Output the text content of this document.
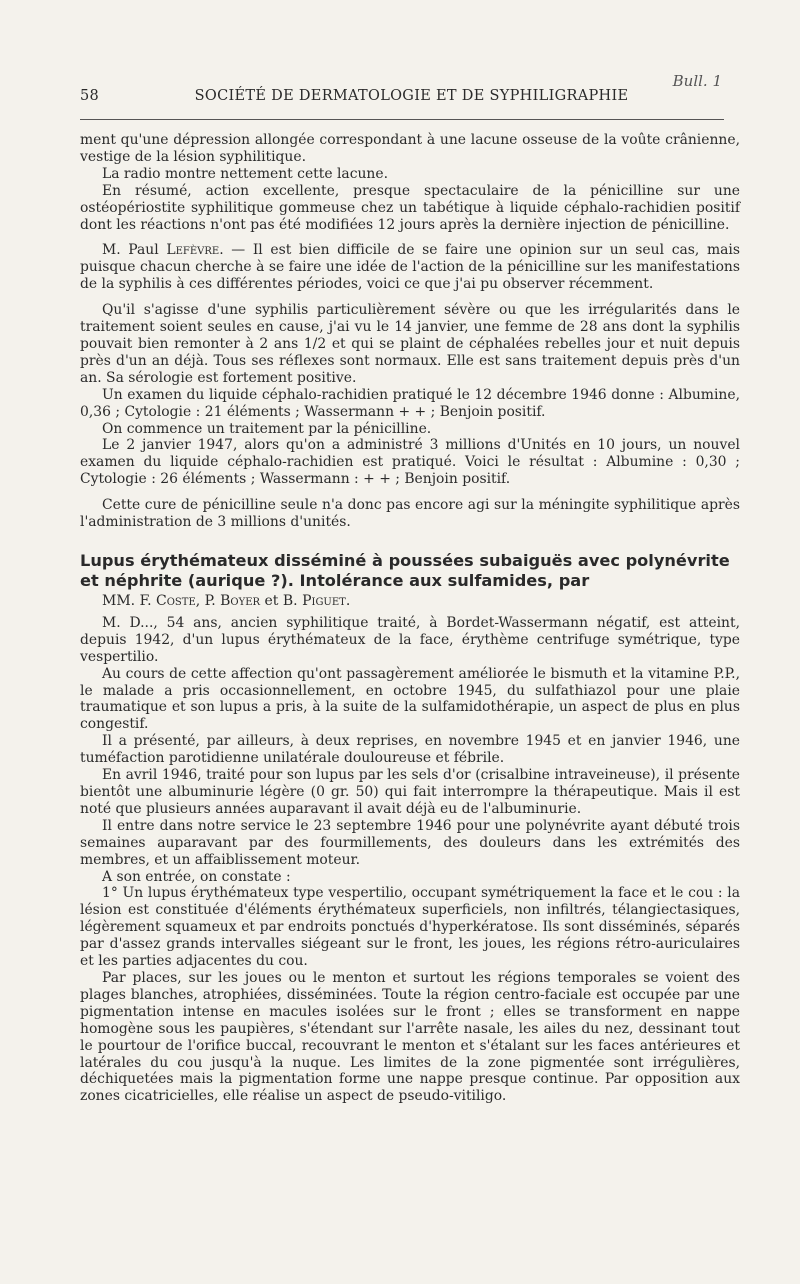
Bull. 1
58	SOCIÉTÉ DE DERMATOLOGIE ET DE SYPHILIGRAPHIE

ment qu'une dépression allongée correspondant à une lacune osseuse de la voûte crânienne, vestige de la lésion syphilitique.

La radio montre nettement cette lacune.

En résumé, action excellente, presque spectaculaire de la pénicilline sur une ostéopériostite syphilitique gommeuse chez un tabétique à liquide céphalo-rachidien positif dont les réactions n'ont pas été modifiées 12 jours après la dernière injection de pénicilline.

M. Paul Lefèvre. — Il est bien difficile de se faire une opinion sur un seul cas, mais puisque chacun cherche à se faire une idée de l'action de la pénicilline sur les manifestations de la syphilis à ces différentes périodes, voici ce que j'ai pu observer récemment.

Qu'il s'agisse d'une syphilis particulièrement sévère ou que les irrégularités dans le traitement soient seules en cause, j'ai vu le 14 janvier, une femme de 28 ans dont la syphilis pouvait bien remonter à 2 ans 1/2 et qui se plaint de céphalées rebelles jour et nuit depuis près d'un an déjà. Tous ses réflexes sont normaux. Elle est sans traitement depuis près d'un an. Sa sérologie est fortement positive.

Un examen du liquide céphalo-rachidien pratiqué le 12 décembre 1946 donne : Albumine, 0,36 ; Cytologie : 21 éléments ; Wassermann + + ; Benjoin positif.

On commence un traitement par la pénicilline.

Le 2 janvier 1947, alors qu'on a administré 3 millions d'Unités en 10 jours, un nouvel examen du liquide céphalo-rachidien est pratiqué. Voici le résultat : Albumine : 0,30 ; Cytologie : 26 éléments ; Wassermann : + + ; Benjoin positif.

Cette cure de pénicilline seule n'a donc pas encore agi sur la méningite syphilitique après l'administration de 3 millions d'unités.

Lupus érythémateux disséminé à poussées subaiguës avec polynévrite et néphrite (aurique ?). Intolérance aux sulfamides, par

MM. F. Coste, P. Boyer et B. Piguet.

M. D..., 54 ans, ancien syphilitique traité, à Bordet-Wassermann négatif, est atteint, depuis 1942, d'un lupus érythémateux de la face, érythème centrifuge symétrique, type vespertilio.

Au cours de cette affection qu'ont passagèrement améliorée le bismuth et la vitamine P.P., le malade a pris occasionnellement, en octobre 1945, du sulfathiazol pour une plaie traumatique et son lupus a pris, à la suite de la sulfamidothérapie, un aspect de plus en plus congestif.

Il a présenté, par ailleurs, à deux reprises, en novembre 1945 et en janvier 1946, une tuméfaction parotidienne unilatérale douloureuse et fébrile.

En avril 1946, traité pour son lupus par les sels d'or (crisalbine intraveineuse), il présente bientôt une albuminurie légère (0 gr. 50) qui fait interrompre la thérapeutique. Mais il est noté que plusieurs années auparavant il avait déjà eu de l'albuminurie.

Il entre dans notre service le 23 septembre 1946 pour une polynévrite ayant débuté trois semaines auparavant par des fourmillements, des douleurs dans les extrémités des membres, et un affaiblissement moteur.

A son entrée, on constate :

1° Un lupus érythémateux type vespertilio, occupant symétriquement la face et le cou : la lésion est constituée d'éléments érythémateux superficiels, non infiltrés, télangiectasiques, légèrement squameux et par endroits ponctués d'hyperkératose. Ils sont disséminés, séparés par d'assez grands intervalles siégeant sur le front, les joues, les régions rétro-auriculaires et les parties adjacentes du cou.

Par places, sur les joues ou le menton et surtout les régions temporales se voient des plages blanches, atrophiées, disséminées. Toute la région centro-faciale est occupée par une pigmentation intense en macules isolées sur le front ; elles se transforment en nappe homogène sous les paupières, s'étendant sur l'arrête nasale, les ailes du nez, dessinant tout le pourtour de l'orifice buccal, recouvrant le menton et s'étalant sur les faces antérieures et latérales du cou jusqu'à la nuque. Les limites de la zone pigmentée sont irrégulières, déchiquetées mais la pigmentation forme une nappe presque continue. Par opposition aux zones cicatricielles, elle réalise un aspect de pseudo-vitiligo.
